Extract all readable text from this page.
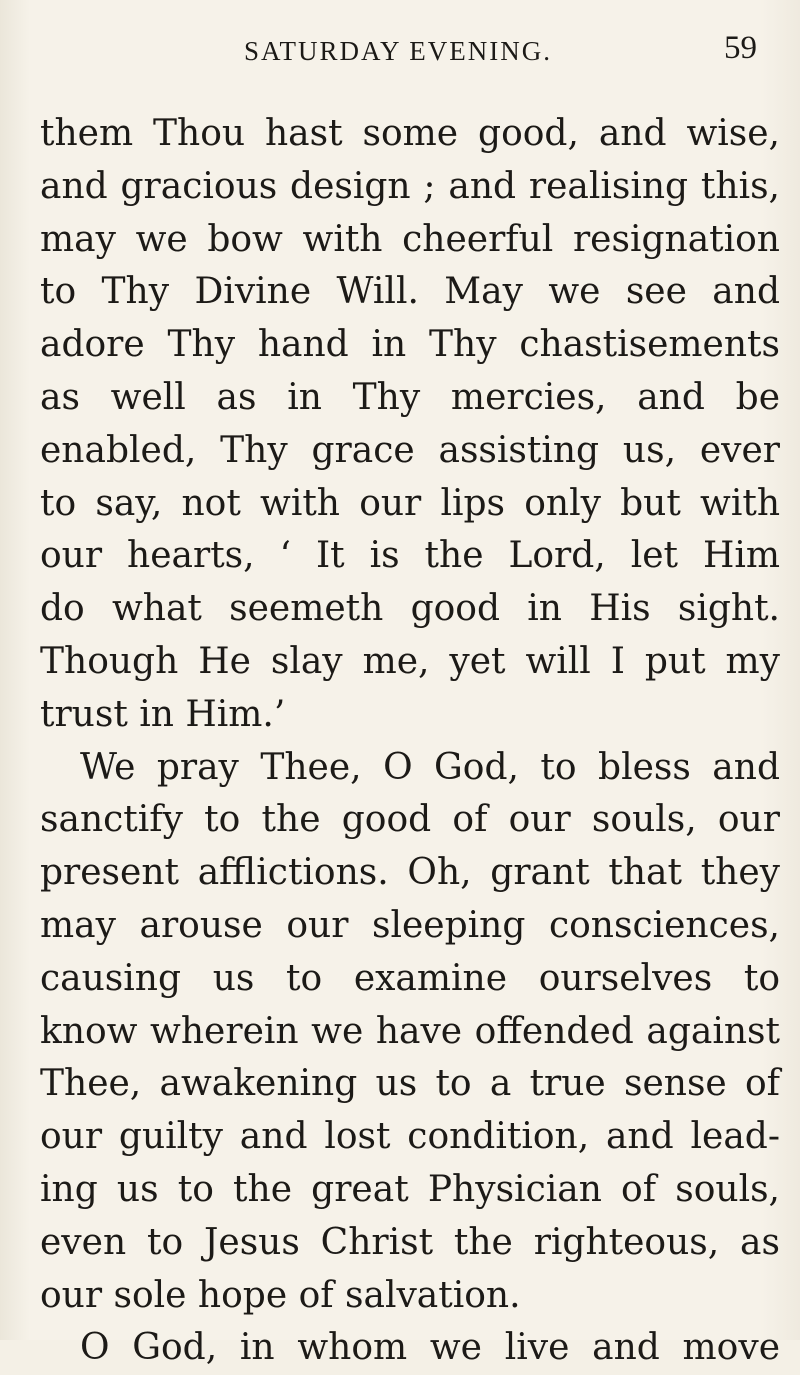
SATURDAY EVENING.	59
them Thou hast some good, and wise,
and gracious design ; and realising this,
may we bow with cheerful resignation
to Thy Divine Will. May we see and
adore Thy hand in Thy chastisements
as well as in Thy mercies, and be
enabled, Thy grace assisting us, ever
to say, not with our lips only but with
our hearts, ‘ It is the Lord, let Him
do what seemeth good in His sight.
Though He slay me, yet will I put my
trust in Him.’
We pray Thee, O God, to bless and
sanctify to the good of our souls, our
present afflictions. Oh, grant that they
may arouse our sleeping consciences,
causing us to examine ourselves to
know wherein we have offended against
Thee, awakening us to a true sense of
our guilty and lost condition, and lead-
ing us to the great Physician of souls,
even to Jesus Christ the righteous, as
our sole hope of salvation.
O God, in whom we live and move
